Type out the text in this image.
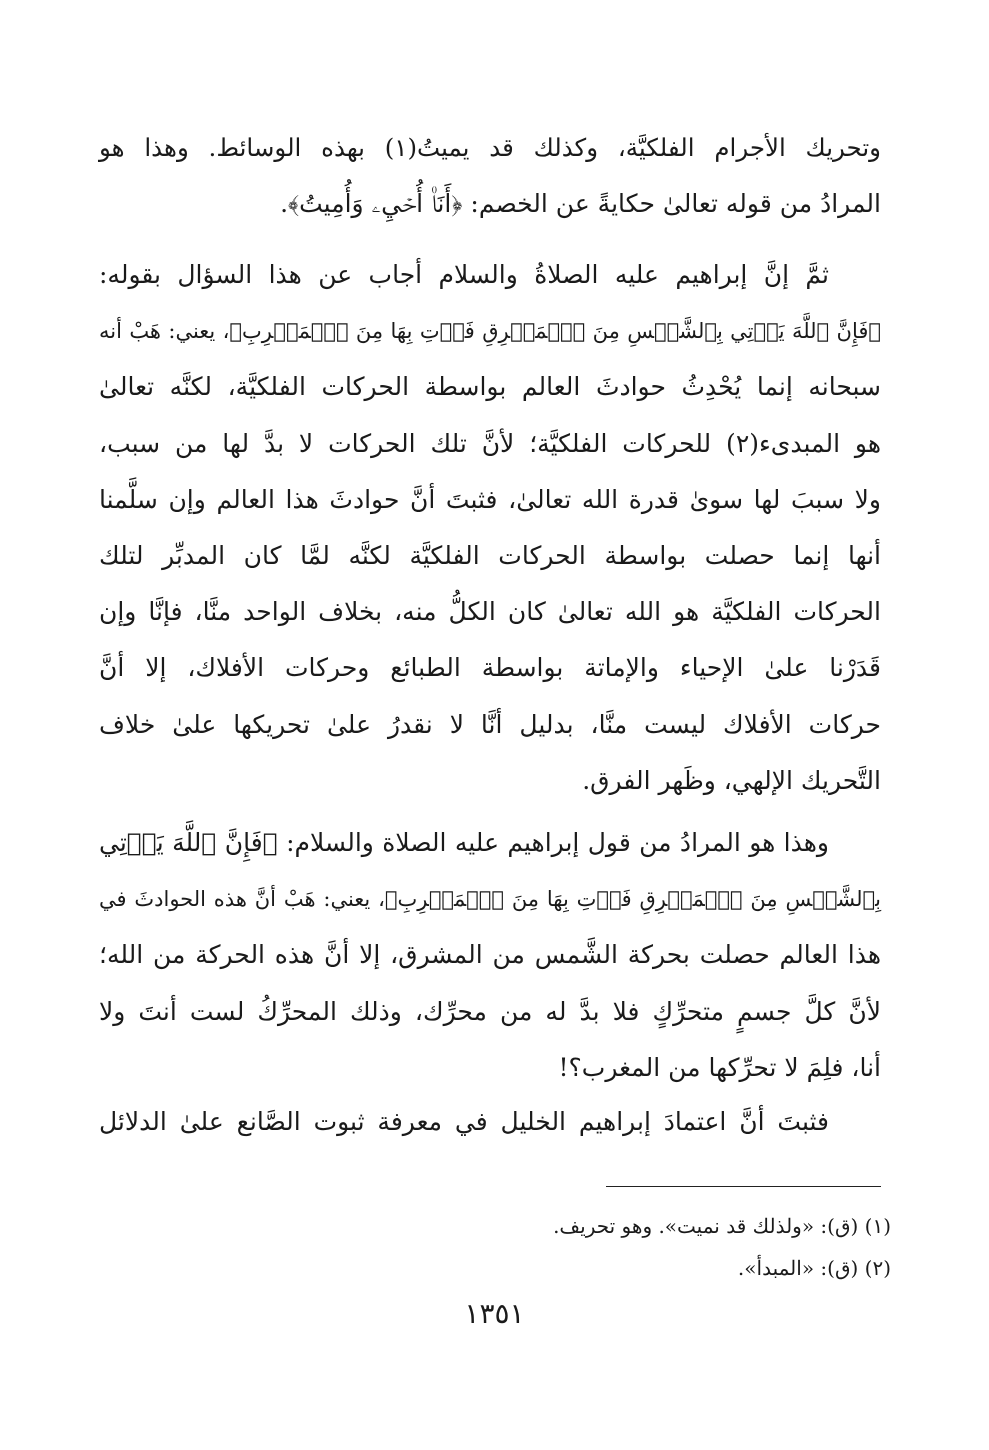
وتحريك الأجرام الفلكيَّة، وكذلك قد يميتُ(١) بهذه الوسائط. وهذا هو
المرادُ من قوله تعالىٰ حكايةً عن الخصم: ﴿أَنَا۠ أُحۡيِۦ وَأُمِيتُ﴾.
ثمَّ إنَّ إبراهيم عليه الصلاةُ والسلام أجاب عن هذا السؤال بقوله:
﴿فَإِنَّ ٱللَّهَ يَأۡتِي بِٱلشَّمۡسِ مِنَ ٱلۡمَشۡرِقِ فَأۡتِ بِهَا مِنَ ٱلۡمَغۡرِبِ﴾، يعني: هَبْ أنه
سبحانه إنما يُحْدِثُ حوادثَ العالم بواسطة الحركات الفلكيَّة، لكنَّه تعالىٰ
هو المبدىء(٢) للحركات الفلكيَّة؛ لأنَّ تلك الحركات لا بدَّ لها من سبب،
ولا سببَ لها سوىٰ قدرة الله تعالىٰ، فثبتَ أنَّ حوادثَ هذا العالم وإن سلَّمنا
أنها إنما حصلت بواسطة الحركات الفلكيَّة لكنَّه لمَّا كان المدبِّر لتلك
الحركات الفلكيَّة هو الله تعالىٰ كان الكلُّ منه، بخلاف الواحد منَّا، فإنَّا وإن
قَدَرْنا علىٰ الإحياء والإماتة بواسطة الطبائع وحركات الأفلاك، إلا أنَّ
حركات الأفلاك ليست منَّا، بدليل أنَّا لا نقدرُ علىٰ تحريكها علىٰ خلاف
التَّحريك الإلهي، وظَهر الفرق.
وهذا هو المرادُ من قول إبراهيم عليه الصلاة والسلام: ﴿فَإِنَّ ٱللَّهَ يَأۡتِي
بِٱلشَّمۡسِ مِنَ ٱلۡمَشۡرِقِ فَأۡتِ بِهَا مِنَ ٱلۡمَغۡرِبِ﴾، يعني: هَبْ أنَّ هذه الحوادثَ في
هذا العالم حصلت بحركة الشَّمس من المشرق، إلا أنَّ هذه الحركة من الله؛
لأنَّ كلَّ جسمٍ متحرِّكٍ فلا بدَّ له من محرِّك، وذلك المحرِّكُ لست أنتَ ولا
أنا، فلِمَ لا تحرِّكها من المغرب؟!
فثبتَ أنَّ اعتمادَ إبراهيم الخليل في معرفة ثبوت الصَّانع علىٰ الدلائل
(١) (ق): «ولذلك قد نميت». وهو تحريف.
(٢) (ق): «المبدأ».
١٣٥١
